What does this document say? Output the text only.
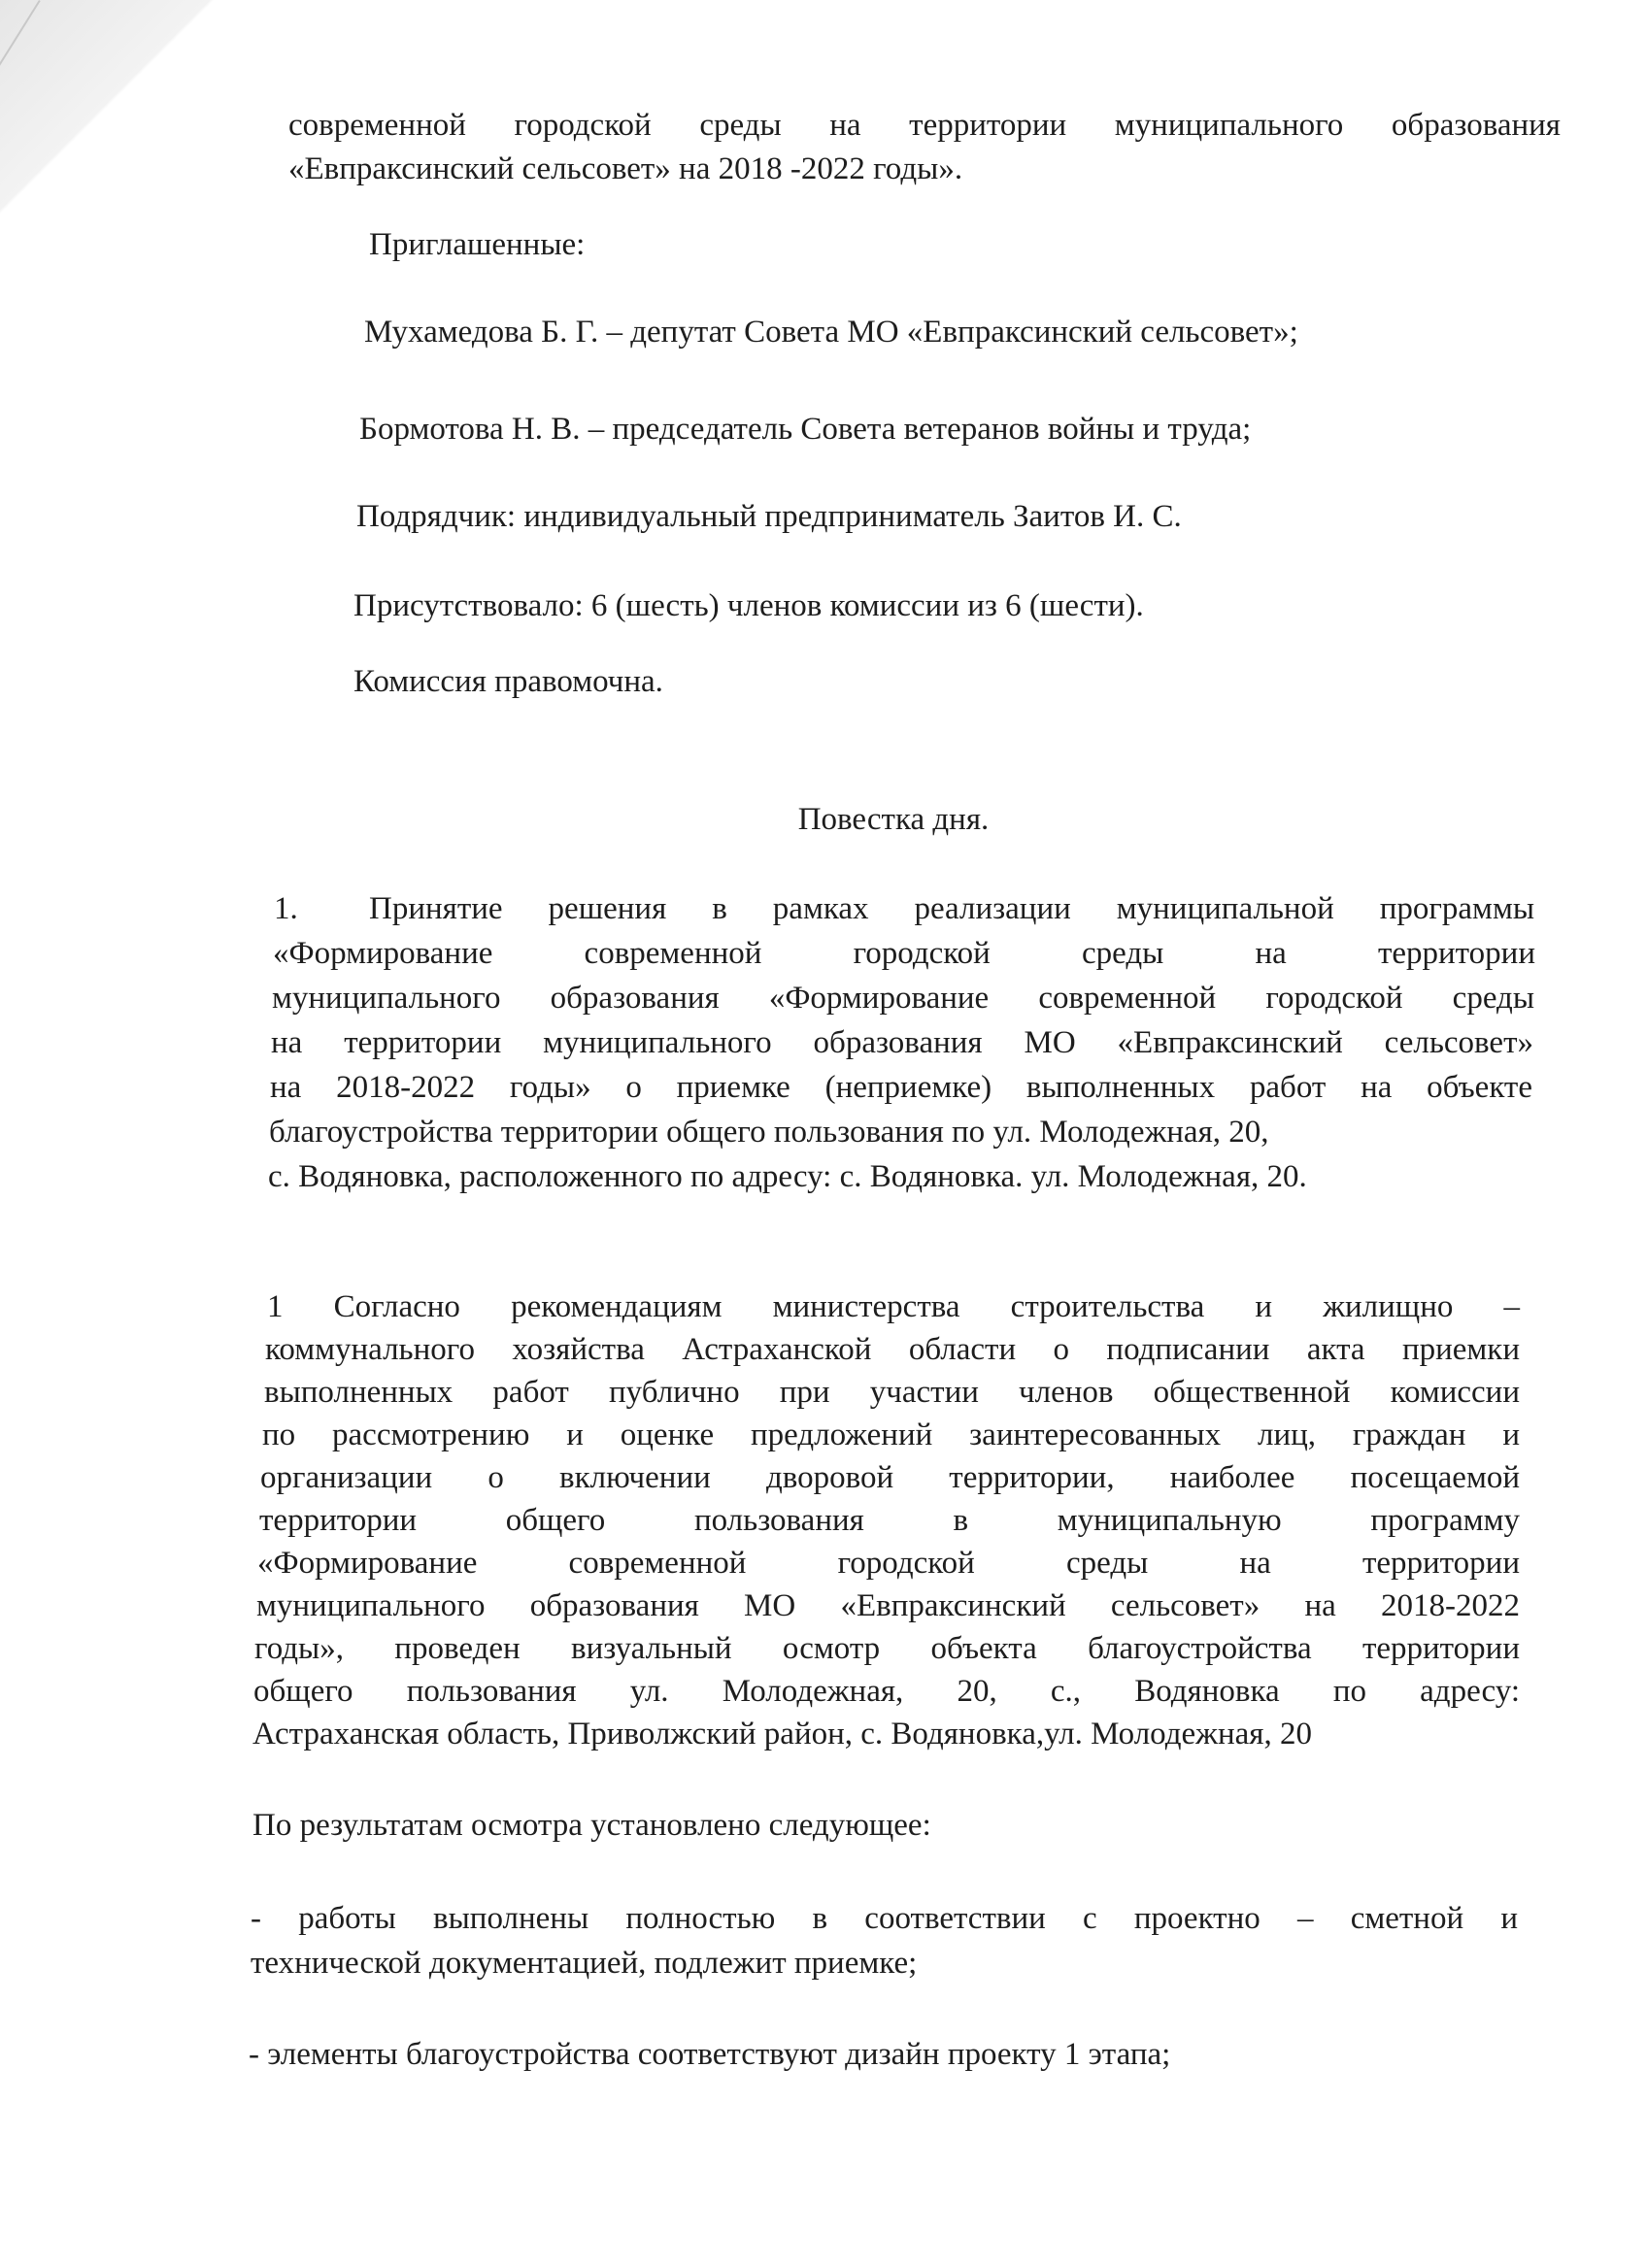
современной городской среды на территории муниципального образования
«Евпраксинский сельсовет» на 2018 -2022 годы».
Приглашенные:
Мухамедова Б. Г. – депутат Совета МО «Евпраксинский сельсовет»;
Бормотова Н. В. – председатель Совета ветеранов войны и труда;
Подрядчик: индивидуальный предприниматель Заитов И. С.
Присутствовало: 6 (шесть) членов комиссии из 6 (шести).
Комиссия правомочна.
Повестка дня.
1. Принятие решения в рамках реализации муниципальной программы
«Формирование современной городской среды на территории
муниципального образования «Формирование современной городской среды
на территории муниципального образования МО «Евпраксинский сельсовет»
на 2018-2022 годы» о приемке (неприемке) выполненных работ на объекте
благоустройства территории общего пользования по ул. Молодежная, 20,
с. Водяновка, расположенного по адресу: с. Водяновка. ул. Молодежная, 20.
1 Согласно рекомендациям министерства строительства и жилищно –
коммунального хозяйства Астраханской области о подписании акта приемки
выполненных работ публично при участии членов общественной комиссии
по рассмотрению и оценке предложений заинтересованных лиц, граждан и
организации о включении дворовой территории, наиболее посещаемой
территории общего пользования в муниципальную программу
«Формирование современной городской среды на территории
муниципального образования МО «Евпраксинский сельсовет» на 2018-2022
годы», проведен визуальный осмотр объекта благоустройства территории
общего пользования ул. Молодежная, 20, с., Водяновка по адресу:
Астраханская область, Приволжский район, с. Водяновка,ул. Молодежная, 20
По результатам осмотра установлено следующее:
- работы выполнены полностью в соответствии с проектно – сметной и
технической документацией, подлежит приемке;
- элементы благоустройства соответствуют дизайн проекту 1 этапа;
